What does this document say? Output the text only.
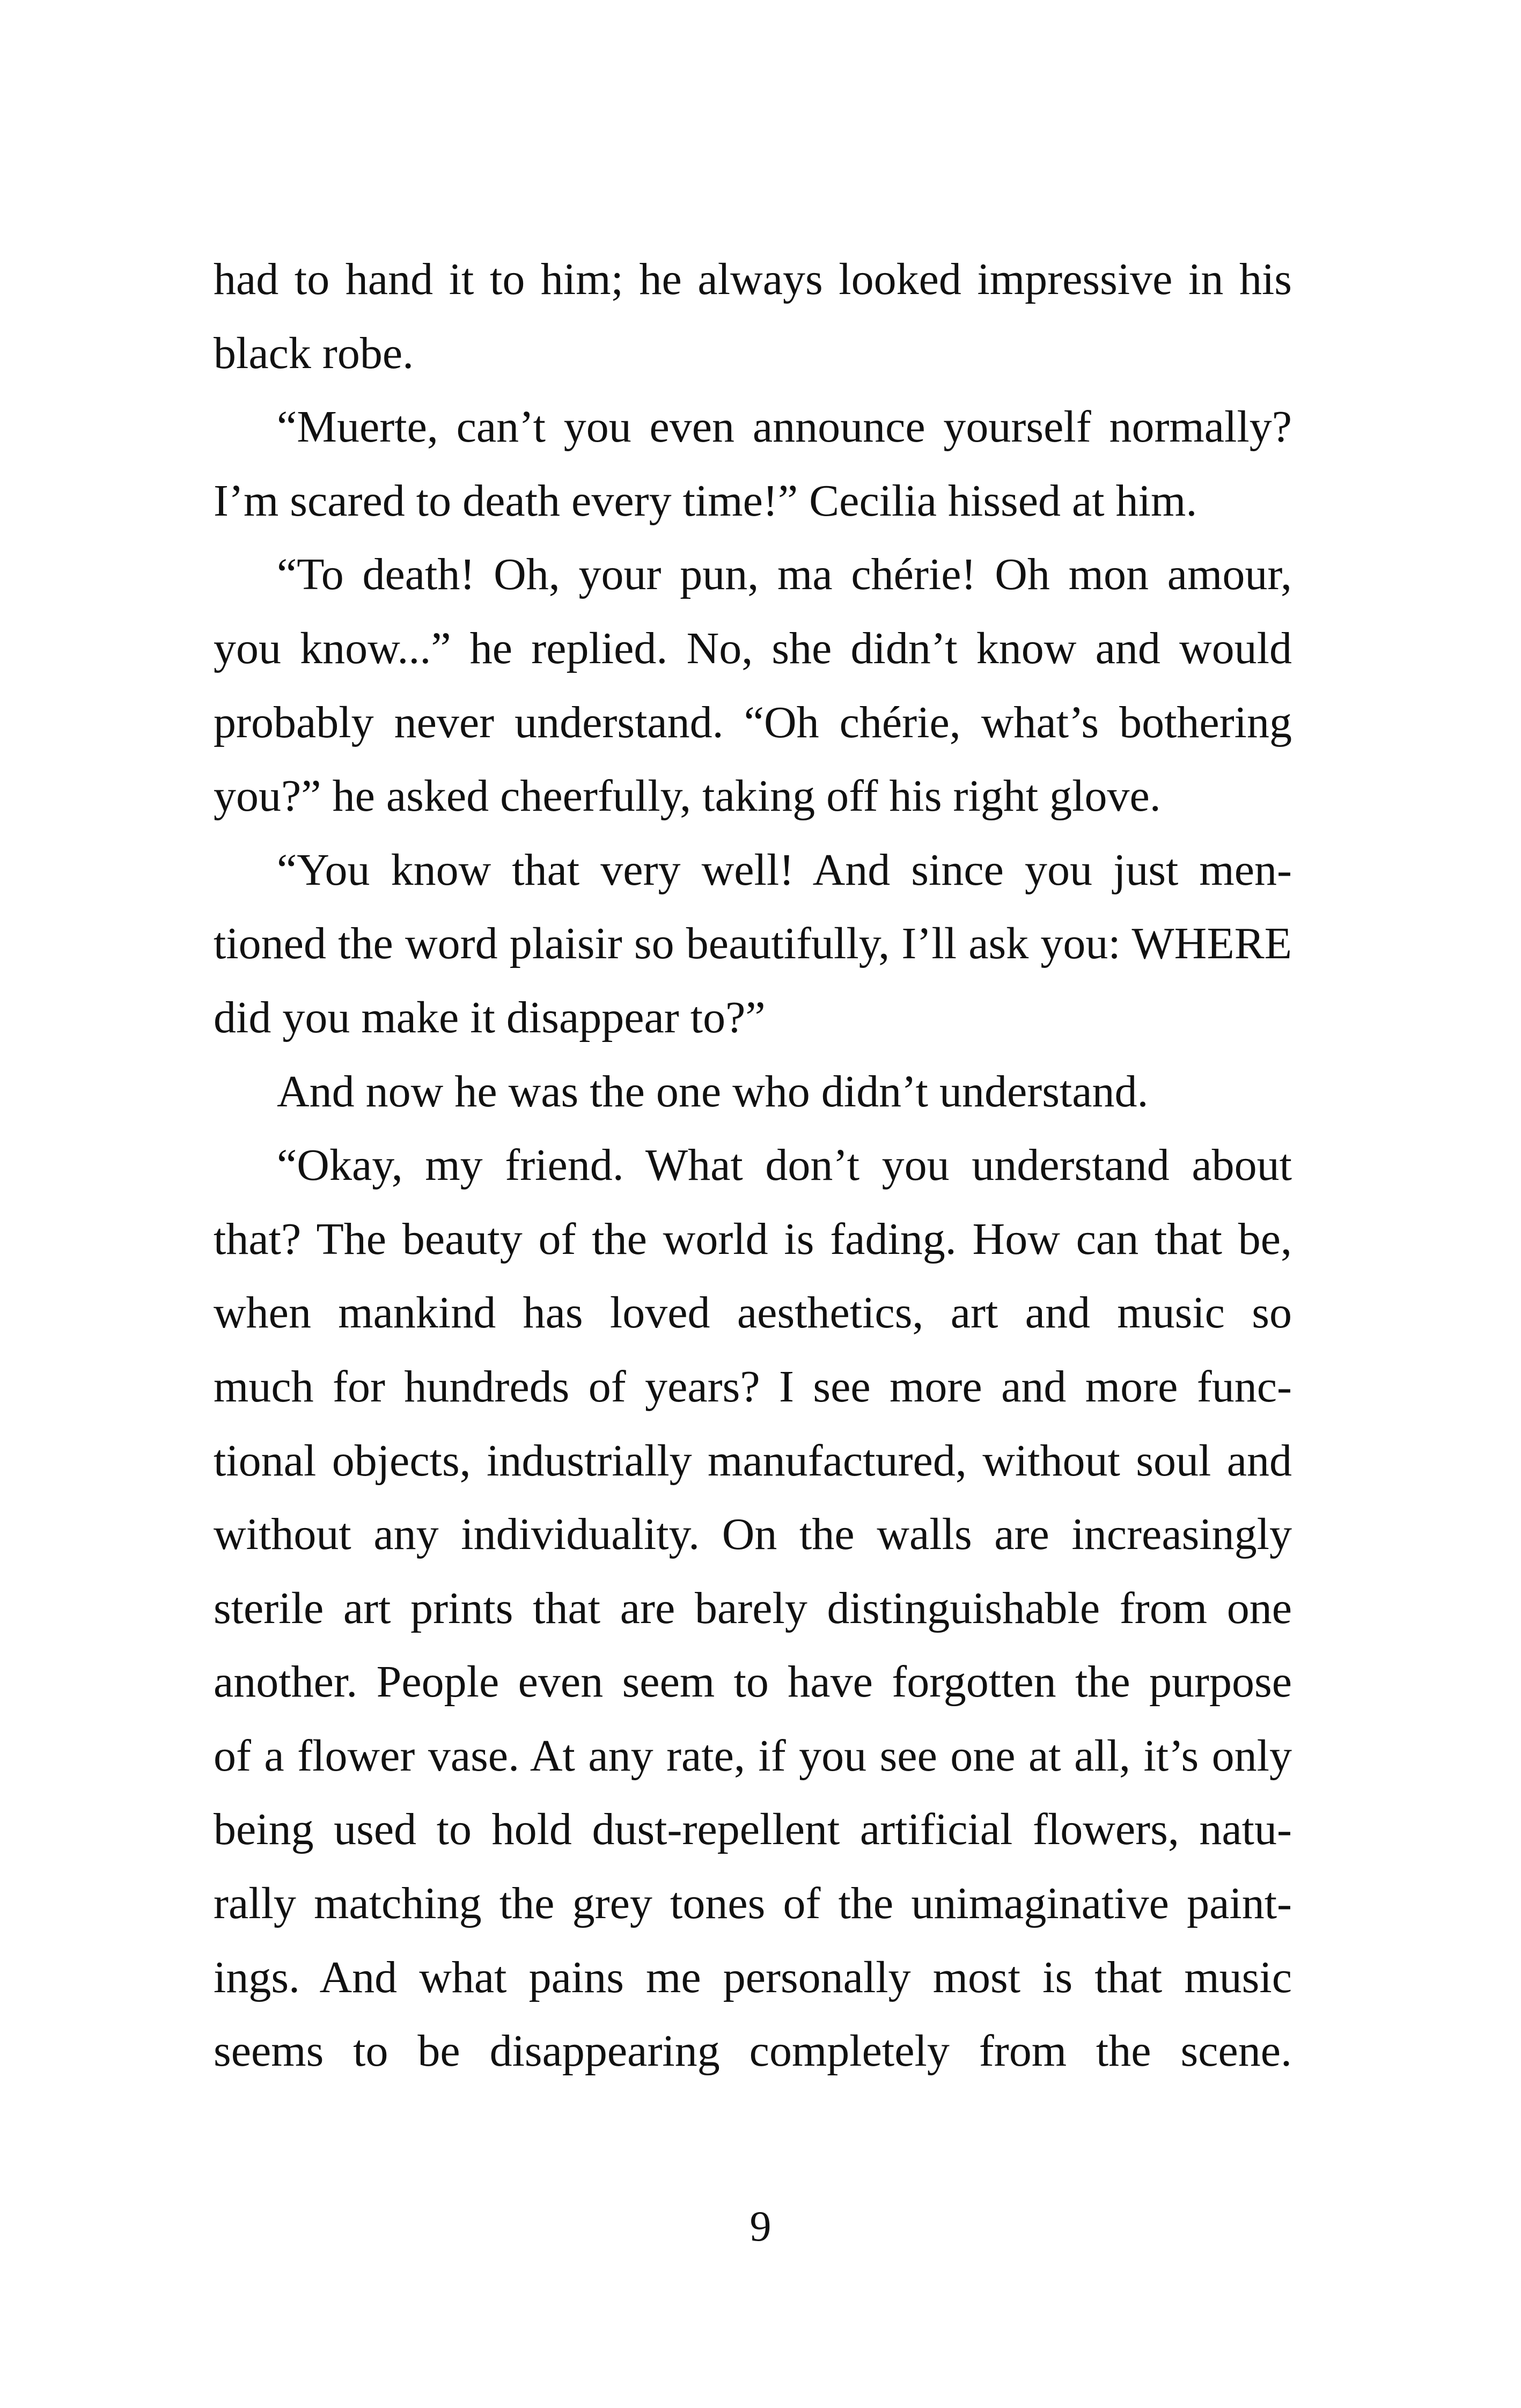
had to hand it to him; he always looked impressive in his
black robe.
“Muerte, can’t you even announce yourself normally?
I’m scared to death every time!” Cecilia hissed at him.
“To death! Oh, your pun, ma chérie! Oh mon amour,
you know...” he replied. No, she didn’t know and would
probably never understand. “Oh chérie, what’s bothering
you?” he asked cheerfully, taking off his right glove.
“You know that very well! And since you just men-
tioned the word plaisir so beautifully, I’ll ask you: WHERE
did you make it disappear to?”
And now he was the one who didn’t understand.
“Okay, my friend. What don’t you understand about
that? The beauty of the world is fading. How can that be,
when mankind has loved aesthetics, art and music so
much for hundreds of years? I see more and more func-
tional objects, industrially manufactured, without soul and
without any individuality. On the walls are increasingly
sterile art prints that are barely distinguishable from one
another. People even seem to have forgotten the purpose
of a flower vase. At any rate, if you see one at all, it’s only
being used to hold dust-repellent artificial flowers, natu-
rally matching the grey tones of the unimaginative paint-
ings. And what pains me personally most is that music
seems to be disappearing completely from the scene.
9
